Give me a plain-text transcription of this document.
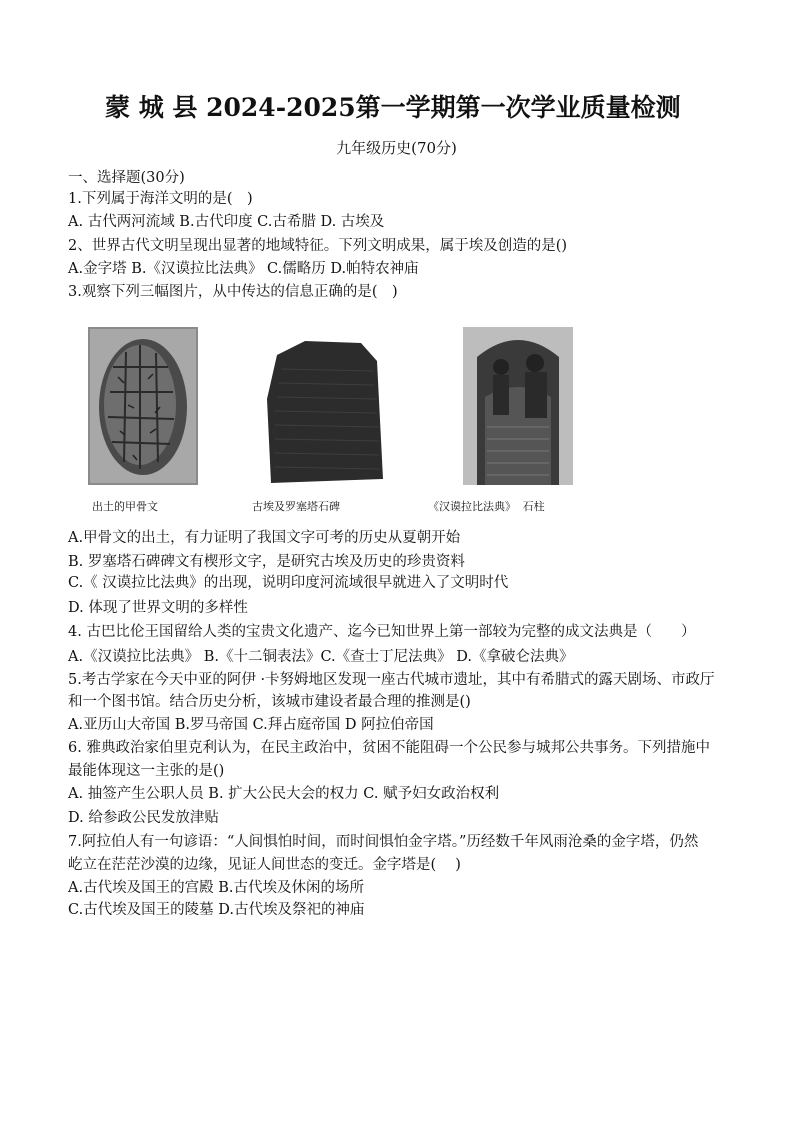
蒙 城 县 2024-2025第一学期第一次学业质量检测
九年级历史(70分)
一、选择题(30分)
1.下列属于海洋文明的是(　)
A. 古代两河流域 B.古代印度 C.古希腊 D. 古埃及
2、世界古代文明呈现出显著的地域特征。下列文明成果，属于埃及创造的是()
A.金字塔 B.《汉谟拉比法典》 C.儒略历 D.帕特农神庙
3.观察下列三幅图片，从中传达的信息正确的是(　)
出土的甲骨文	古埃及罗塞塔石碑	《汉谟拉比法典》 石柱
A.甲骨文的出土，有力证明了我国文字可考的历史从夏朝开始
B. 罗塞塔石碑碑文有楔形文字，是研究古埃及历史的珍贵资料
C.《 汉谟拉比法典》的出现，说明印度河流域很早就进入了文明时代
D. 体现了世界文明的多样性
4. 古巴比伦王国留给人类的宝贵文化遗产、迄今已知世界上第一部较为完整的成文法典是（　　）
A.《汉谟拉比法典》 B.《十二铜表法》C.《查士丁尼法典》 D.《拿破仑法典》
5.考古学家在今天中亚的阿伊 ·卡努姆地区发现一座古代城市遗址，其中有希腊式的露天剧场、市政厅
和一个图书馆。结合历史分析，该城市建设者最合理的推测是()
A.亚历山大帝国 B.罗马帝国 C.拜占庭帝国 D 阿拉伯帝国
6. 雅典政治家伯里克利认为，在民主政治中，贫困不能阻碍一个公民参与城邦公共事务。下列措施中
最能体现这一主张的是()
A. 抽签产生公职人员 B. 扩大公民大会的权力 C. 赋予妇女政治权利
D. 给参政公民发放津贴
7.阿拉伯人有一句谚语：“人间惧怕时间，而时间惧怕金字塔。”历经数千年风雨沧桑的金字塔，仍然
屹立在茫茫沙漠的边缘，见证人间世态的变迁。金字塔是(　 )
A.古代埃及国王的宫殿 B.古代埃及休闲的场所
C.古代埃及国王的陵墓 D.古代埃及祭祀的神庙
